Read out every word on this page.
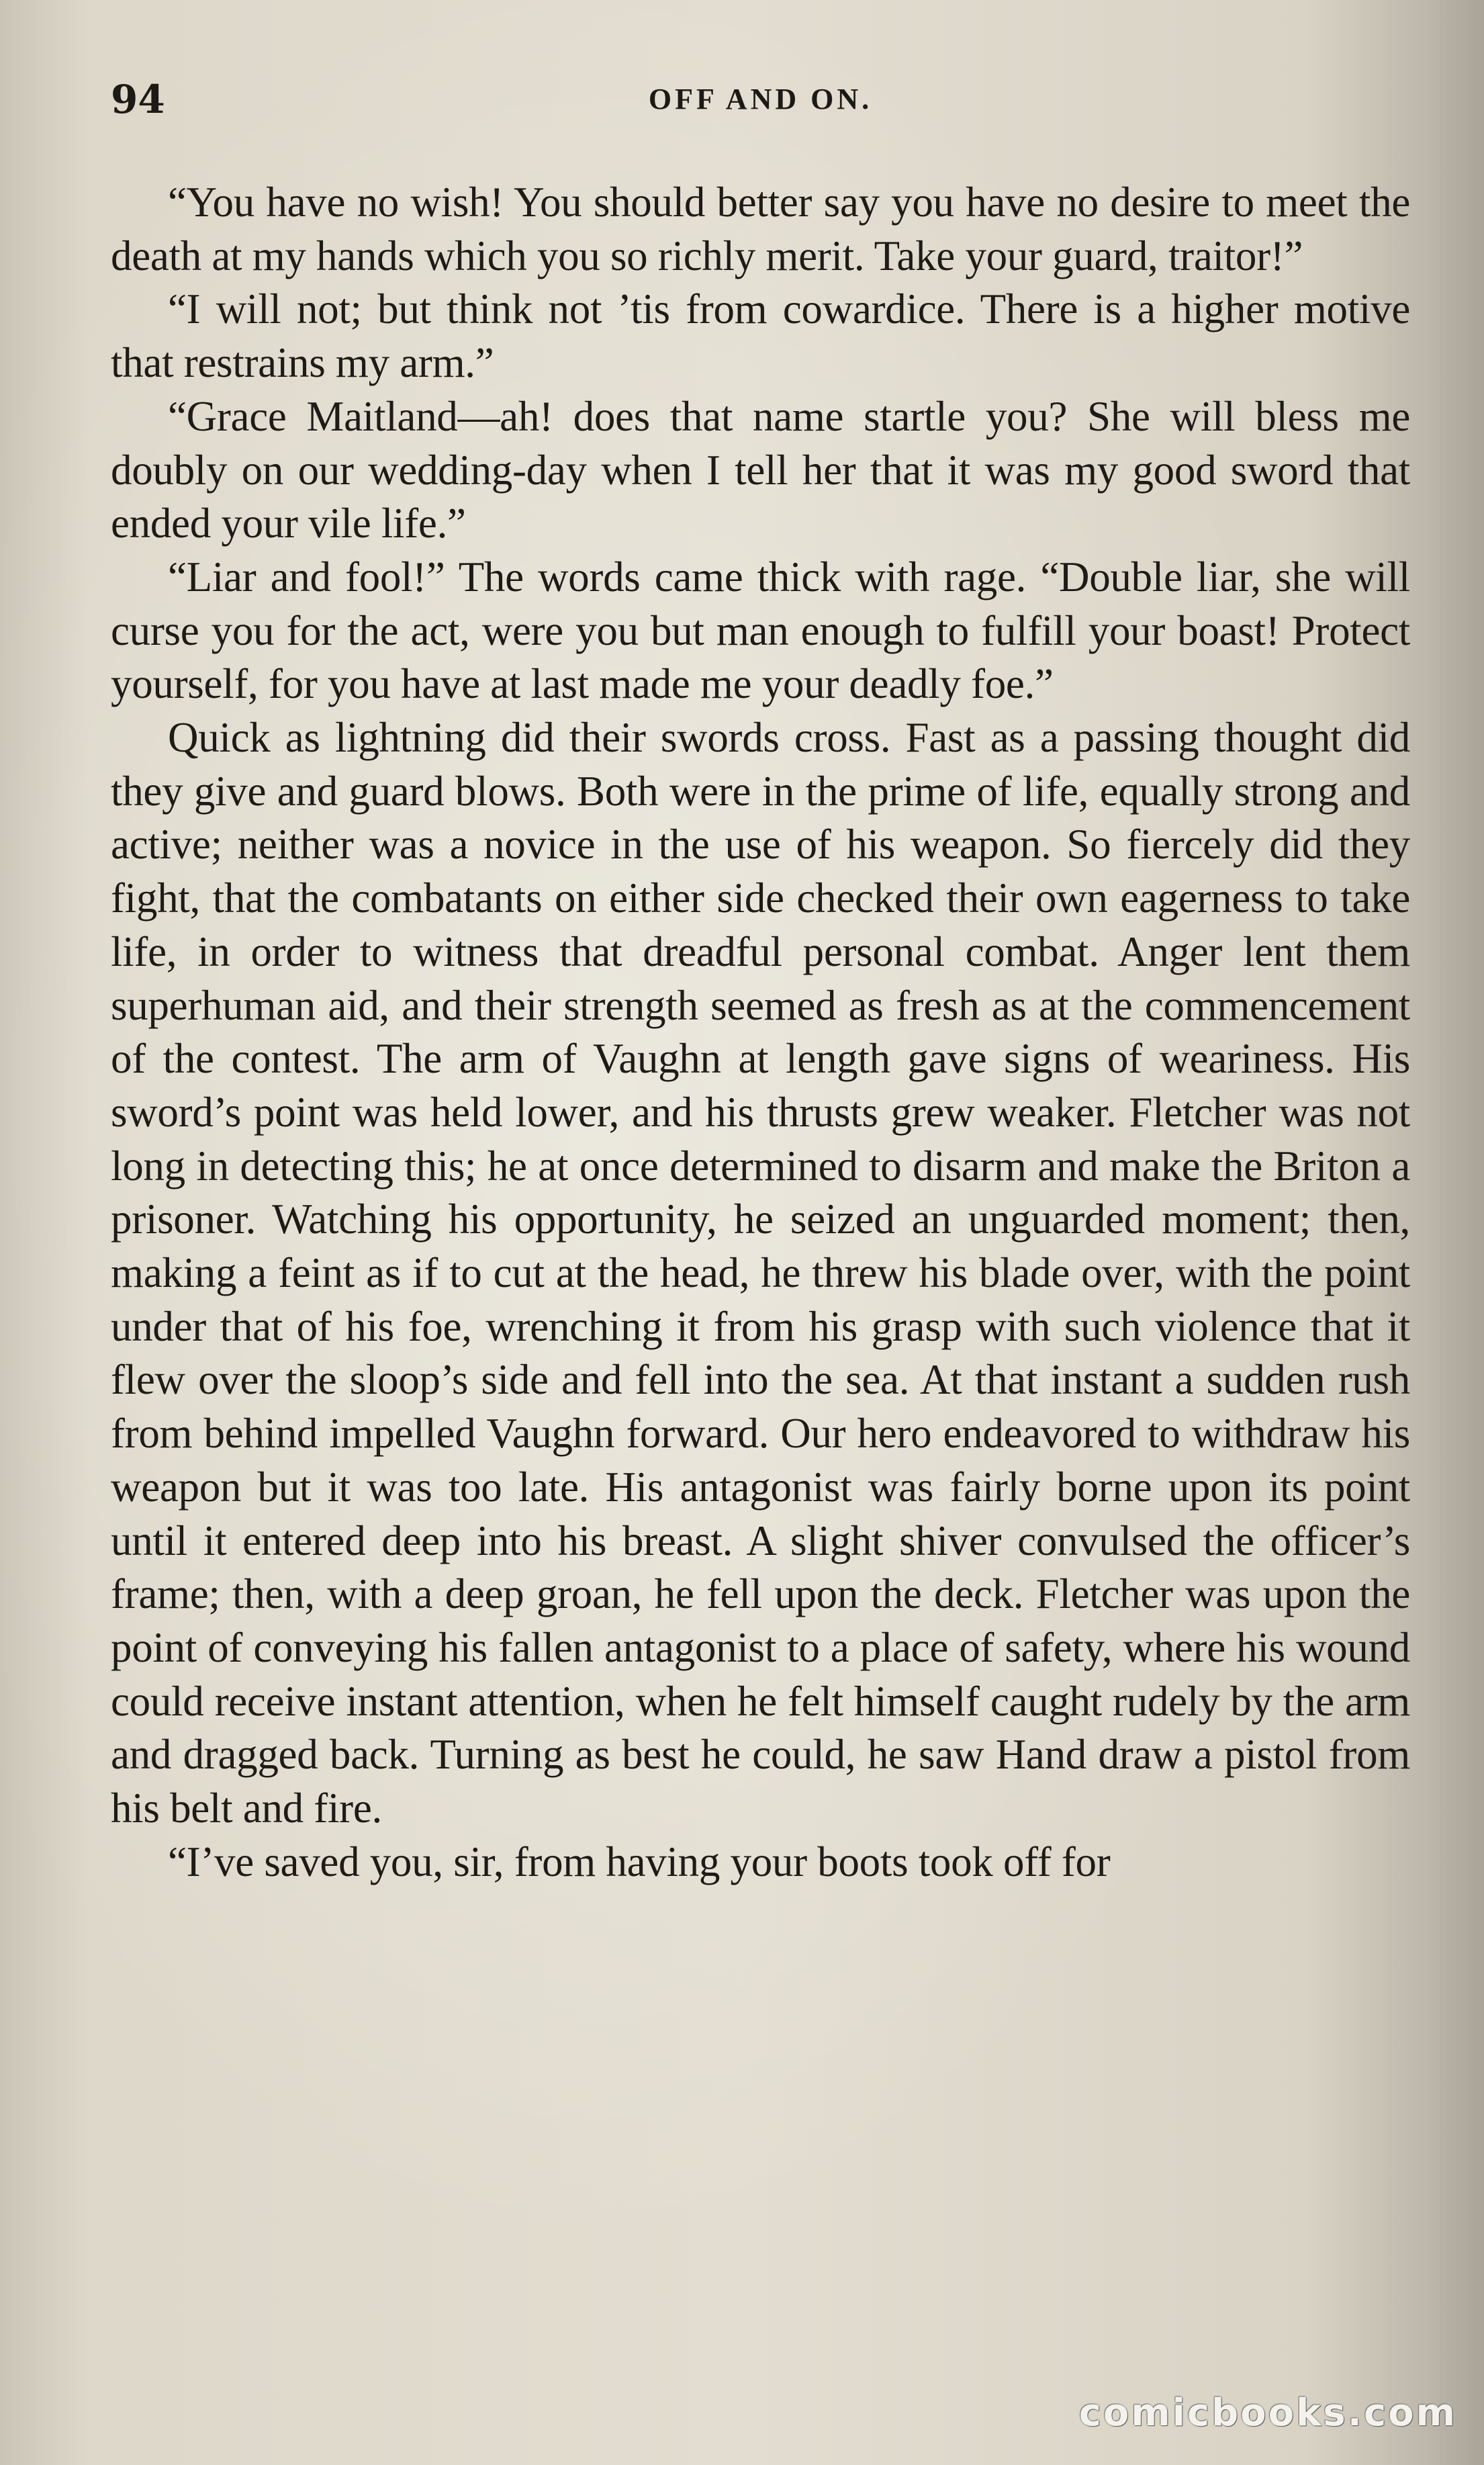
94	OFF AND ON.

“You have no wish! You should better say you have no desire to meet the death at my hands which you so richly merit. Take your guard, traitor!”

“I will not; but think not ’tis from cowardice. There is a higher motive that restrains my arm.”

“Grace Maitland—ah! does that name startle you? She will bless me doubly on our wedding-day when I tell her that it was my good sword that ended your vile life.”

“Liar and fool!” The words came thick with rage. “Double liar, she will curse you for the act, were you but man enough to fulfill your boast! Protect yourself, for you have at last made me your deadly foe.”

Quick as lightning did their swords cross. Fast as a passing thought did they give and guard blows. Both were in the prime of life, equally strong and active; neither was a novice in the use of his weapon. So fiercely did they fight, that the combatants on either side checked their own eagerness to take life, in order to witness that dreadful personal combat. Anger lent them superhuman aid, and their strength seemed as fresh as at the commencement of the contest. The arm of Vaughn at length gave signs of weariness. His sword’s point was held lower, and his thrusts grew weaker. Fletcher was not long in detecting this; he at once determined to disarm and make the Briton a prisoner. Watching his opportunity, he seized an unguarded moment; then, making a feint as if to cut at the head, he threw his blade over, with the point under that of his foe, wrenching it from his grasp with such violence that it flew over the sloop’s side and fell into the sea. At that instant a sudden rush from behind impelled Vaughn forward. Our hero endeavored to withdraw his weapon but it was too late. His antagonist was fairly borne upon its point until it entered deep into his breast. A slight shiver convulsed the officer’s frame; then, with a deep groan, he fell upon the deck. Fletcher was upon the point of conveying his fallen antagonist to a place of safety, where his wound could receive instant attention, when he felt himself caught rudely by the arm and dragged back. Turning as best he could, he saw Hand draw a pistol from his belt and fire.

“I’ve saved you, sir, from having your boots took off for

comicbooks.com
